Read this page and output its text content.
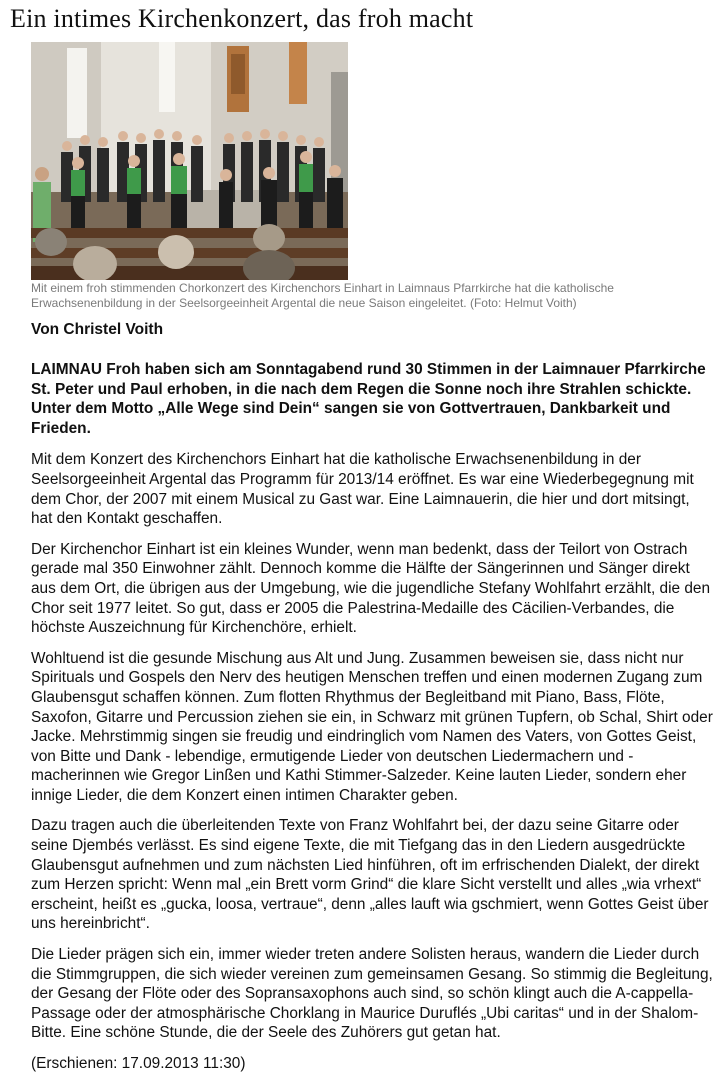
Ein intimes Kirchenkonzert, das froh macht
Mit einem froh stimmenden Chorkonzert des Kirchenchors Einhart in Laimnaus Pfarrkirche hat die katholische
Erwachsenenbildung in der Seelsorgeeinheit Argental die neue Saison eingeleitet. (Foto: Helmut Voith)

Von Christel Voith

LAIMNAU Froh haben sich am Sonntagabend rund 30 Stimmen in der Laimnauer Pfarrkirche St. Peter und Paul erhoben, in die nach dem Regen die Sonne noch ihre Strahlen schickte. Unter dem Motto „Alle Wege sind Dein“ sangen sie von Gottvertrauen, Dankbarkeit und Frieden.

Mit dem Konzert des Kirchenchors Einhart hat die katholische Erwachsenenbildung in der Seelsorgeeinheit Argental das Programm für 2013/14 eröffnet. Es war eine Wiederbegegnung mit dem Chor, der 2007 mit einem Musical zu Gast war. Eine Laimnauerin, die hier und dort mitsingt, hat den Kontakt geschaffen.

Der Kirchenchor Einhart ist ein kleines Wunder, wenn man bedenkt, dass der Teilort von Ostrach gerade mal 350 Einwohner zählt. Dennoch komme die Hälfte der Sängerinnen und Sänger direkt aus dem Ort, die übrigen aus der Umgebung, wie die jugendliche Stefany Wohlfahrt erzählt, die den Chor seit 1977 leitet. So gut, dass er 2005 die Palestrina-Medaille des Cäcilien-Verbandes, die höchste Auszeichnung für Kirchenchöre, erhielt.

Wohltuend ist die gesunde Mischung aus Alt und Jung. Zusammen beweisen sie, dass nicht nur Spirituals und Gospels den Nerv des heutigen Menschen treffen und einen modernen Zugang zum Glaubensgut schaffen können. Zum flotten Rhythmus der Begleitband mit Piano, Bass, Flöte, Saxofon, Gitarre und Percussion ziehen sie ein, in Schwarz mit grünen Tupfern, ob Schal, Shirt oder Jacke. Mehrstimmig singen sie freudig und eindringlich vom Namen des Vaters, von Gottes Geist, von Bitte und Dank - lebendige, ermutigende Lieder von deutschen Liedermachern und -macherinnen wie Gregor Linßen und Kathi Stimmer-Salzeder. Keine lauten Lieder, sondern eher innige Lieder, die dem Konzert einen intimen Charakter geben.

Dazu tragen auch die überleitenden Texte von Franz Wohlfahrt bei, der dazu seine Gitarre oder seine Djembés verlässt. Es sind eigene Texte, die mit Tiefgang das in den Liedern ausgedrückte Glaubensgut aufnehmen und zum nächsten Lied hinführen, oft im erfrischenden Dialekt, der direkt zum Herzen spricht: Wenn mal „ein Brett vorm Grind“ die klare Sicht verstellt und alles „wia vrhext“ erscheint, heißt es „gucka, loosa, vertraue“, denn „alles lauft wia gschmiert, wenn Gottes Geist über uns hereinbricht“.

Die Lieder prägen sich ein, immer wieder treten andere Solisten heraus, wandern die Lieder durch die Stimmgruppen, die sich wieder vereinen zum gemeinsamen Gesang. So stimmig die Begleitung, der Gesang der Flöte oder des Sopransaxophons auch sind, so schön klingt auch die A-cappella-Passage oder der atmosphärische Chorklang in Maurice Duruflés „Ubi caritas“ und in der Shalom-Bitte. Eine schöne Stunde, die der Seele des Zuhörers gut getan hat.

(Erschienen: 17.09.2013 11:30)
